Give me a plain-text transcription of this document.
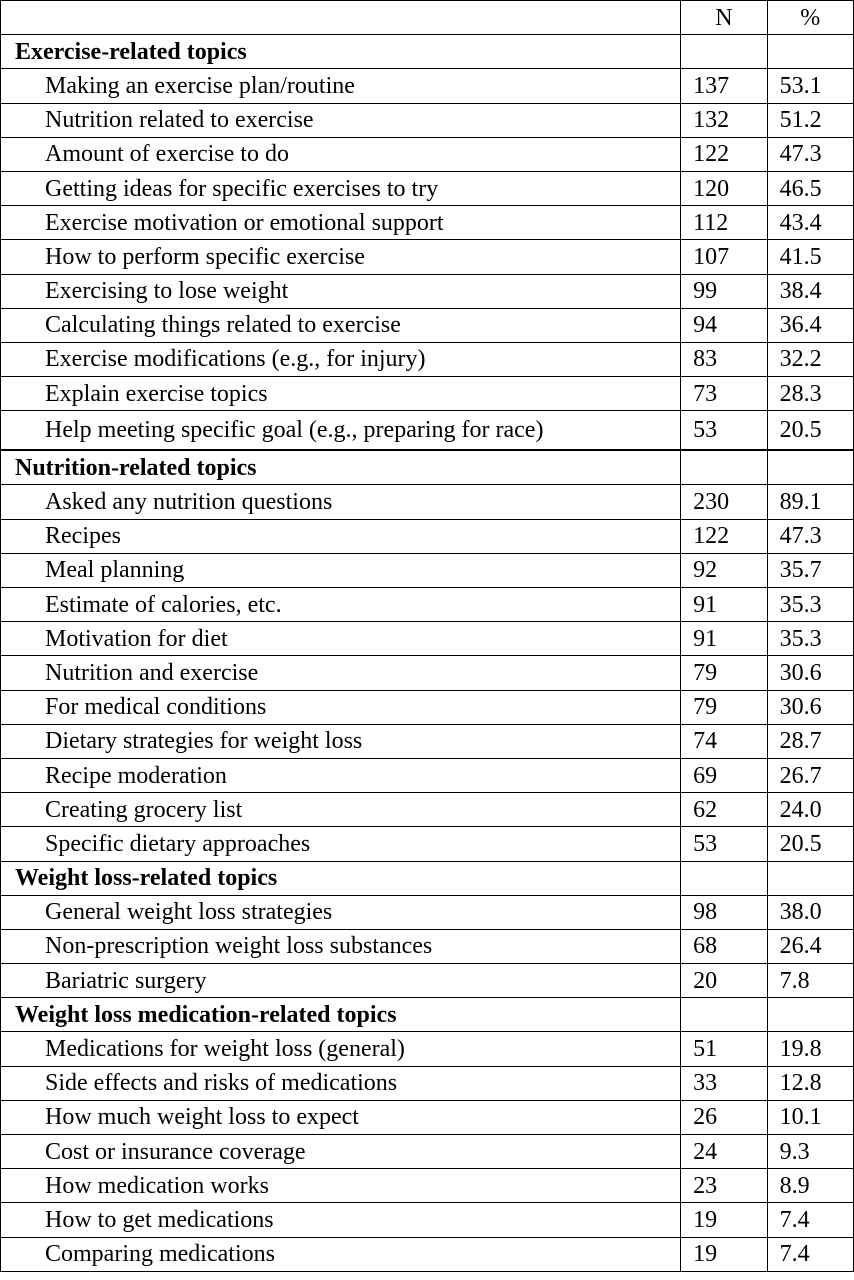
	N	%
Exercise-related topics		
Making an exercise plan/routine	137	53.1
Nutrition related to exercise	132	51.2
Amount of exercise to do	122	47.3
Getting ideas for specific exercises to try	120	46.5
Exercise motivation or emotional support	112	43.4
How to perform specific exercise	107	41.5
Exercising to lose weight	99	38.4
Calculating things related to exercise	94	36.4
Exercise modifications (e.g., for injury)	83	32.2
Explain exercise topics	73	28.3
Help meeting specific goal (e.g., preparing for race)	53	20.5
Nutrition-related topics		
Asked any nutrition questions	230	89.1
Recipes	122	47.3
Meal planning	92	35.7
Estimate of calories, etc.	91	35.3
Motivation for diet	91	35.3
Nutrition and exercise	79	30.6
For medical conditions	79	30.6
Dietary strategies for weight loss	74	28.7
Recipe moderation	69	26.7
Creating grocery list	62	24.0
Specific dietary approaches	53	20.5
Weight loss-related topics		
General weight loss strategies	98	38.0
Non-prescription weight loss substances	68	26.4
Bariatric surgery	20	7.8
Weight loss medication-related topics		
Medications for weight loss (general)	51	19.8
Side effects and risks of medications	33	12.8
How much weight loss to expect	26	10.1
Cost or insurance coverage	24	9.3
How medication works	23	8.9
How to get medications	19	7.4
Comparing medications	19	7.4
